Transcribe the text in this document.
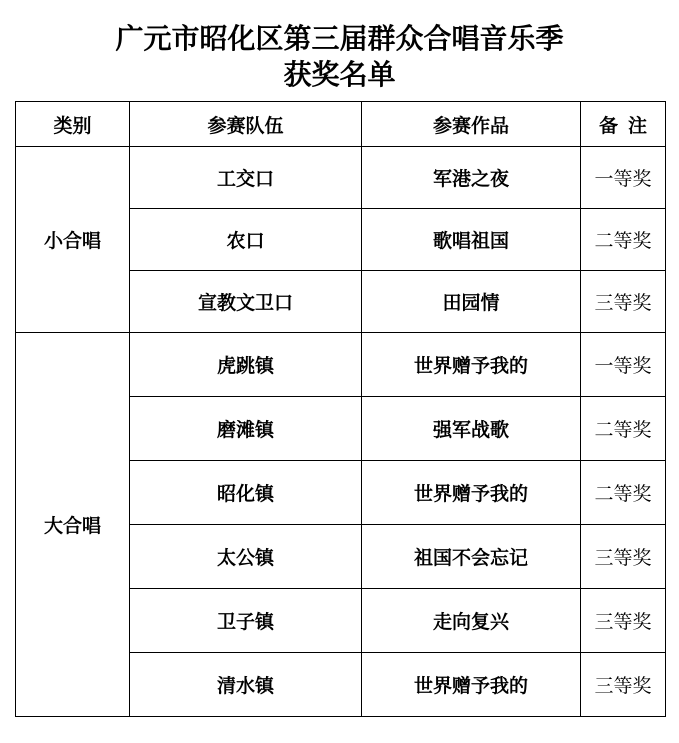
广元市昭化区第三届群众合唱音乐季
获奖名单
类别	参赛队伍	参赛作品	备注
小合唱	工交口	军港之夜	一等奖
	农口	歌唱祖国	二等奖
	宣教文卫口	田园情	三等奖
大合唱	虎跳镇	世界赠予我的	一等奖
	磨滩镇	强军战歌	二等奖
	昭化镇	世界赠予我的	二等奖
	太公镇	祖国不会忘记	三等奖
	卫子镇	走向复兴	三等奖
	清水镇	世界赠予我的	三等奖
